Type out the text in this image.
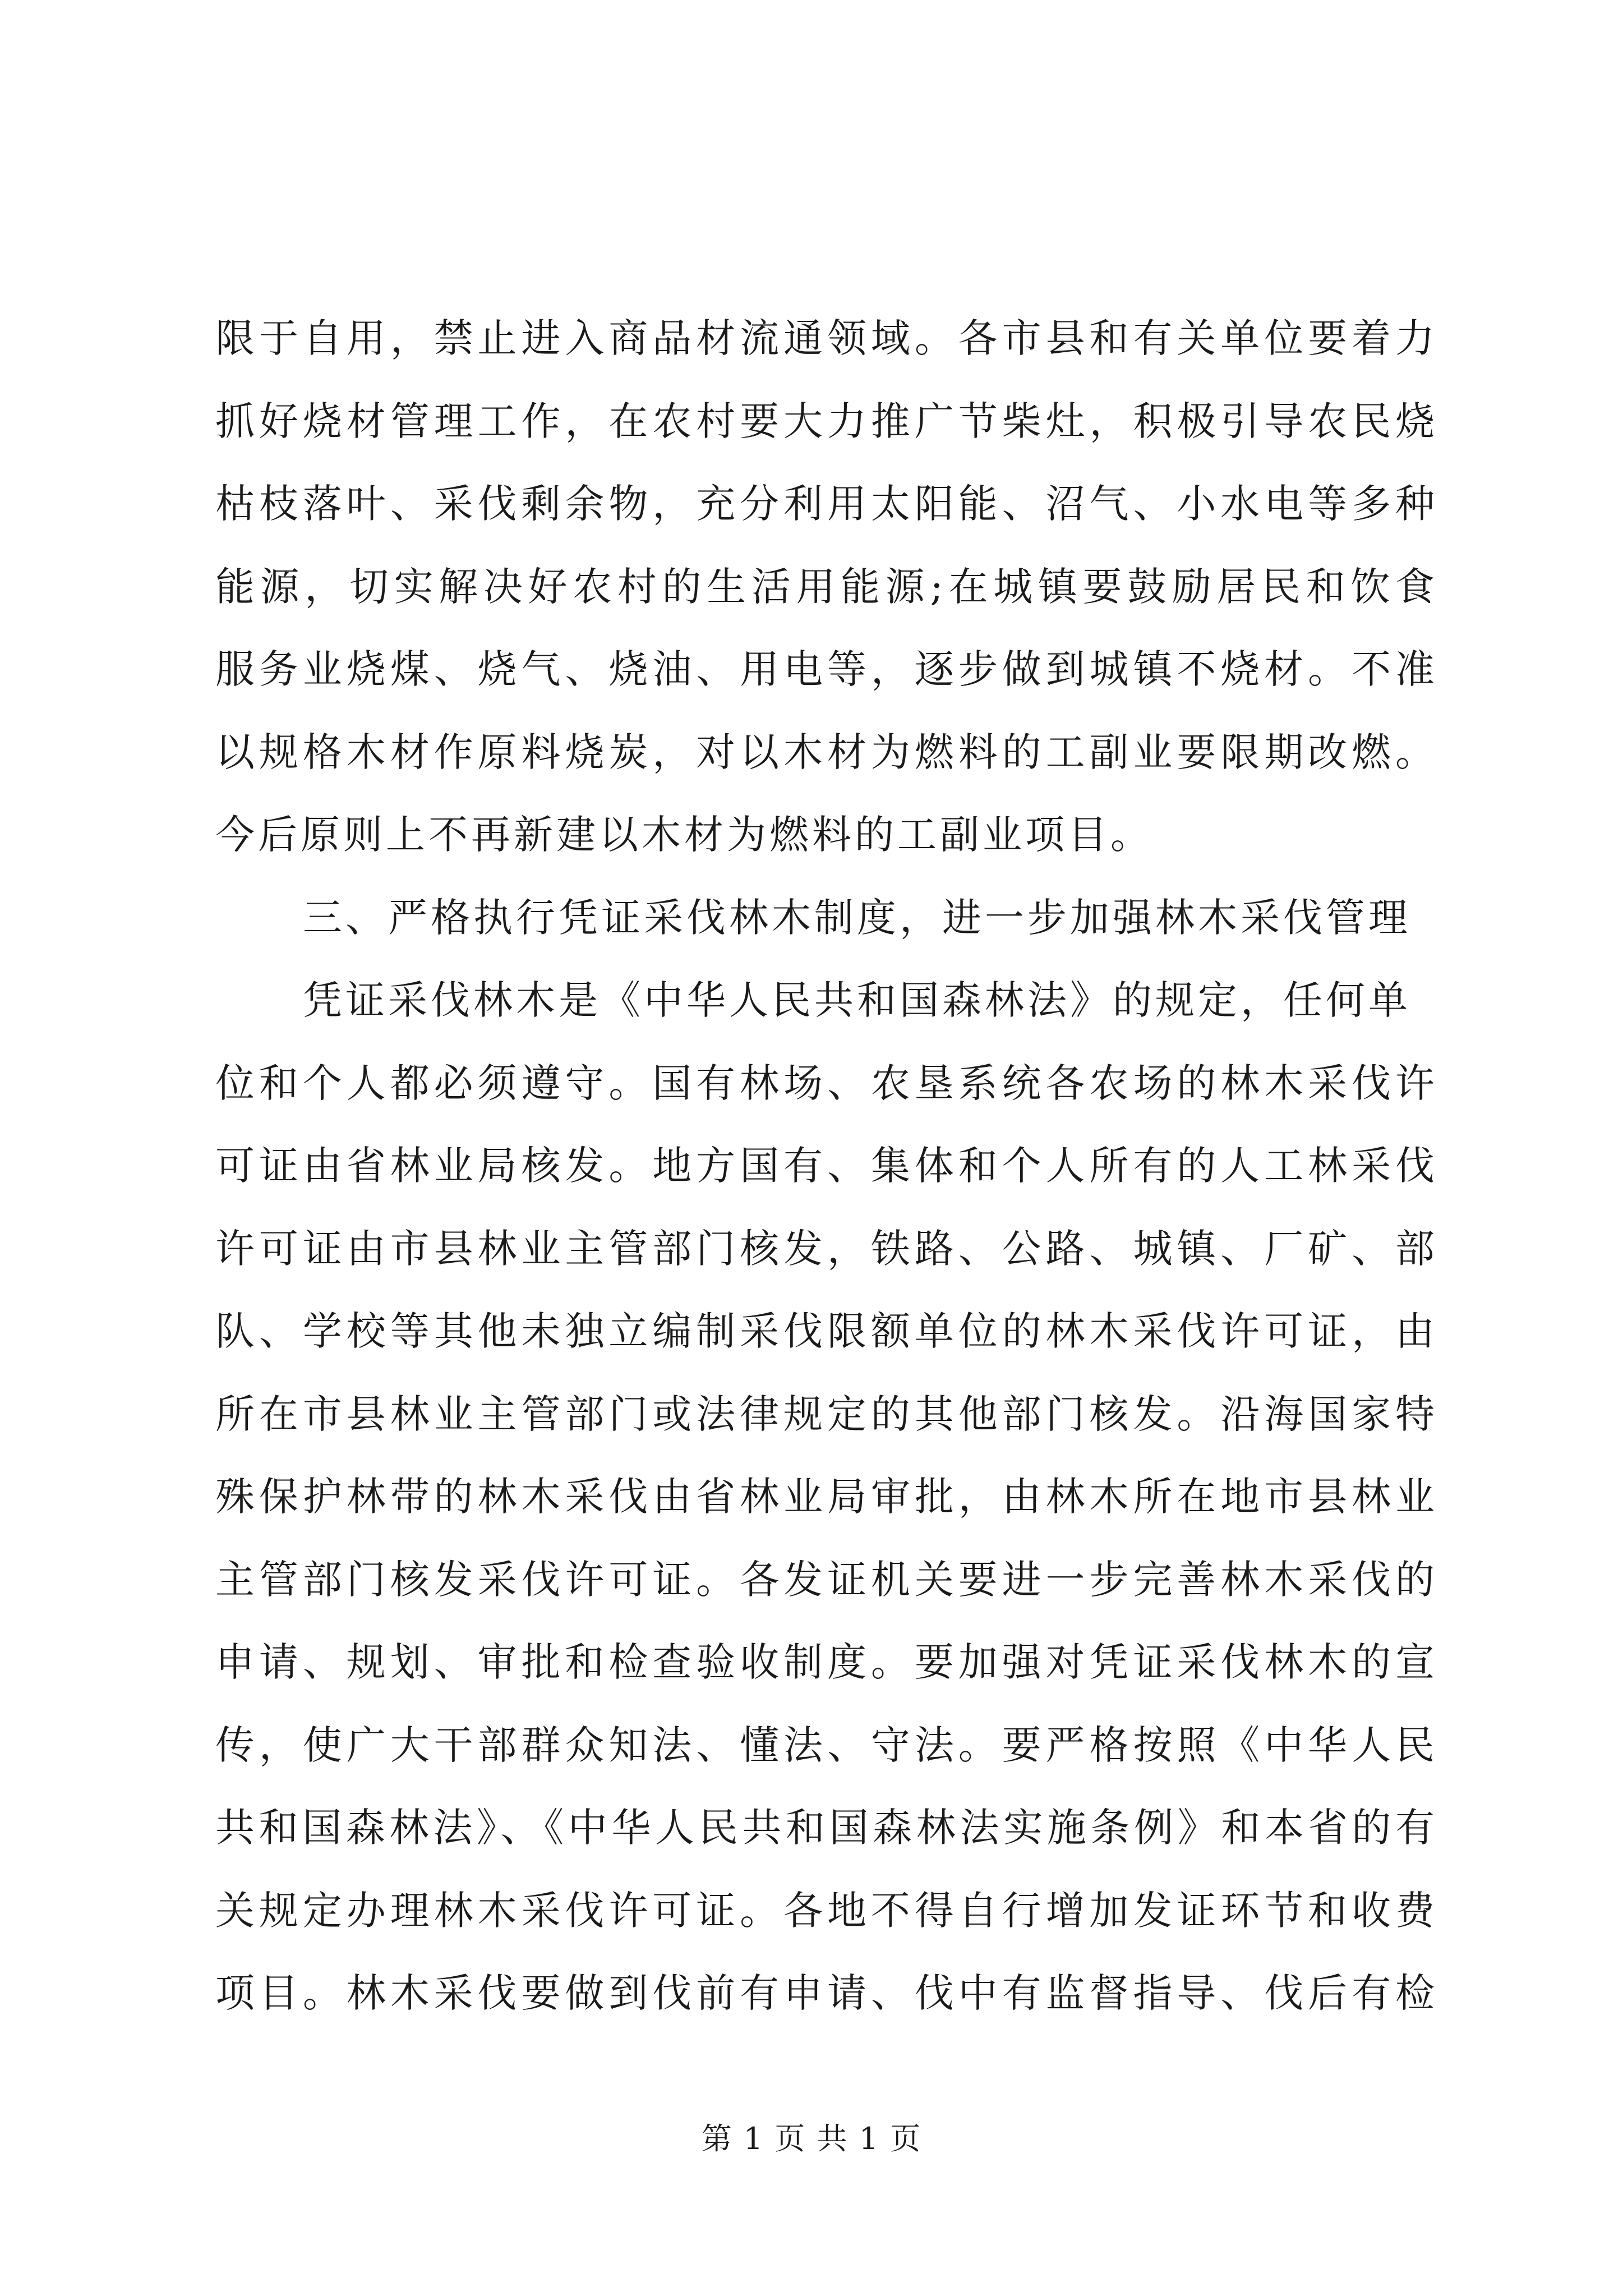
限于自用，禁止进入商品材流通领域。各市县和有关单位要着力
抓好烧材管理工作，在农村要大力推广节柴灶，积极引导农民烧
枯枝落叶、采伐剩余物，充分利用太阳能、沼气、小水电等多种
能源，切实解决好农村的生活用能源;在城镇要鼓励居民和饮食
服务业烧煤、烧气、烧油、用电等，逐步做到城镇不烧材。不准
以规格木材作原料烧炭，对以木材为燃料的工副业要限期改燃。
今后原则上不再新建以木材为燃料的工副业项目。
三、严格执行凭证采伐林木制度，进一步加强林木采伐管理
凭证采伐林木是《中华人民共和国森林法》的规定，任何单
位和个人都必须遵守。国有林场、农垦系统各农场的林木采伐许
可证由省林业局核发。地方国有、集体和个人所有的人工林采伐
许可证由市县林业主管部门核发，铁路、公路、城镇、厂矿、部
队、学校等其他未独立编制采伐限额单位的林木采伐许可证，由
所在市县林业主管部门或法律规定的其他部门核发。沿海国家特
殊保护林带的林木采伐由省林业局审批，由林木所在地市县林业
主管部门核发采伐许可证。各发证机关要进一步完善林木采伐的
申请、规划、审批和检查验收制度。要加强对凭证采伐林木的宣
传，使广大干部群众知法、懂法、守法。要严格按照《中华人民
共和国森林法》、《中华人民共和国森林法实施条例》和本省的有
关规定办理林木采伐许可证。各地不得自行增加发证环节和收费
项目。林木采伐要做到伐前有申请、伐中有监督指导、伐后有检
第 1 页 共 1 页
